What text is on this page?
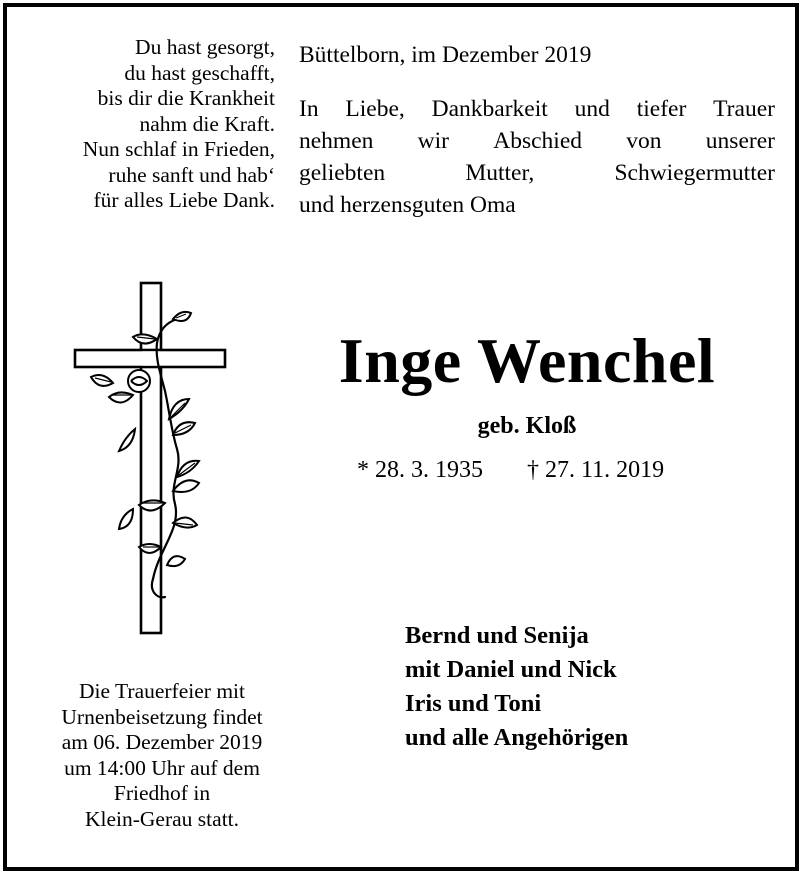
Du hast gesorgt,
du hast geschafft,
bis dir die Krankheit
nahm die Kraft.
Nun schlaf in Frieden,
ruhe sanft und hab‘
für alles Liebe Dank.
Büttelborn, im Dezember 2019
In Liebe, Dankbarkeit und tiefer Trauer
nehmen wir Abschied von unserer
geliebten	Mutter,	Schwiegermutter
und herzensguten Oma
Inge Wenchel
geb. Kloß
* 28. 3. 1935 † 27. 11. 2019
Die Trauerfeier mit
Urnenbeisetzung findet
am 06. Dezember 2019
um 14:00 Uhr auf dem
Friedhof in
Klein-Gerau statt.
Bernd und Senija
mit Daniel und Nick
Iris und Toni
und alle Angehörigen
